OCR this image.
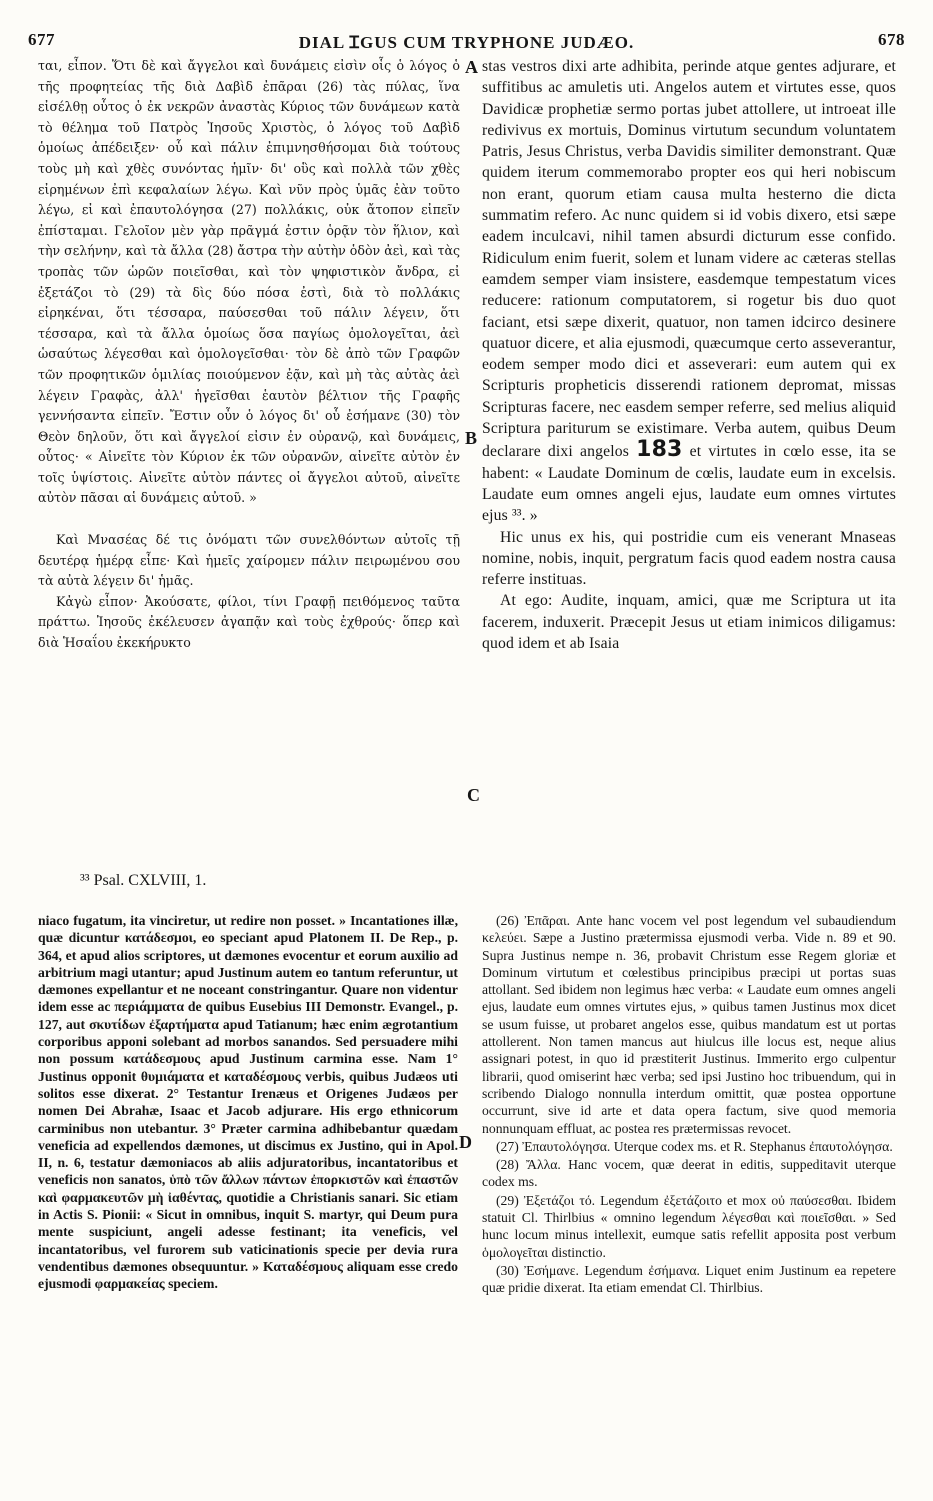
677	DIAL ꞮGUS CUM TRYPHONE JUDÆO.	678

ται, εἶπον. Ὅτι δὲ καὶ ἄγγελοι καὶ δυνάμεις εἰσὶν οἷς ὁ λόγος ὁ τῆς προφητείας τῆς διὰ Δαβὶδ ἐπᾶραι (26) τὰς πύλας, ἵνα εἰσέλθῃ οὗτος ὁ ἐκ νεκρῶν ἀναστὰς Κύριος τῶν δυνάμεων κατὰ τὸ θέλημα τοῦ Πατρὸς Ἰησοῦς Χριστὸς, ὁ λόγος τοῦ Δαβὶδ ὁμοίως ἀπέδειξεν· οὗ καὶ πάλιν ἐπιμνησθήσομαι διὰ τούτους τοὺς μὴ καὶ χθὲς συνόντας ἡμῖν· δι' οὓς καὶ πολλὰ τῶν χθὲς εἰρημένων ἐπὶ κεφαλαίων λέγω. Καὶ νῦν πρὸς ὑμᾶς ἐὰν τοῦτο λέγω, εἰ καὶ ἐπαυτολόγησα (27) πολλάκις, οὐκ ἄτοπον εἰπεῖν ἐπίσταμαι. Γελοῖον μὲν γὰρ πρᾶγμά ἐστιν ὁρᾷν τὸν ἥλιον, καὶ τὴν σελήνην, καὶ τὰ ἄλλα (28) ἄστρα τὴν αὐτὴν ὁδὸν ἀεὶ, καὶ τὰς τροπὰς τῶν ὡρῶν ποιεῖσθαι, καὶ τὸν ψηφιστικὸν ἄνδρα, εἰ ἐξετάζοι τὸ (29) τὰ δὶς δύο πόσα ἐστὶ, διὰ τὸ πολλάκις εἰρηκέναι, ὅτι τέσσαρα, παύσεσθαι τοῦ πάλιν λέγειν, ὅτι τέσσαρα, καὶ τὰ ἄλλα ὁμοίως ὅσα παγίως ὁμολογεῖται, ἀεὶ ὡσαύτως λέγεσθαι καὶ ὁμολογεῖσθαι· τὸν δὲ ἀπὸ τῶν Γραφῶν τῶν προφητικῶν ὁμιλίας ποιούμενον ἐᾷν, καὶ μὴ τὰς αὐτὰς ἀεὶ λέγειν Γραφὰς, ἀλλ' ἡγεῖσθαι ἑαυτὸν βέλτιον τῆς Γραφῆς γεννήσαντα εἰπεῖν. Ἔστιν οὖν ὁ λόγος δι' οὗ ἐσήμανε (30) τὸν Θεὸν δηλοῦν, ὅτι καὶ ἄγγελοί εἰσιν ἐν οὐρανῷ, καὶ δυνάμεις, οὗτος· « Αἰνεῖτε τὸν Κύριον ἐκ τῶν οὐρανῶν, αἰνεῖτε αὐτὸν ἐν τοῖς ὑψίστοις. Αἰνεῖτε αὐτὸν πάντες οἱ ἄγγελοι αὐτοῦ, αἰνεῖτε αὐτὸν πᾶσαι αἱ δυνάμεις αὐτοῦ. »

Καὶ Μνασέας δέ τις ὀνόματι τῶν συνελθόντων αὐτοῖς τῇ δευτέρᾳ ἡμέρᾳ εἶπε· Καὶ ἡμεῖς χαίρομεν πάλιν πειρωμένου σου τὰ αὐτὰ λέγειν δι' ἡμᾶς.

Κἀγὼ εἶπον· Ἀκούσατε, φίλοι, τίνι Γραφῇ πειθόμενος ταῦτα πράττω. Ἰησοῦς ἐκέλευσεν ἀγαπᾷν καὶ τοὺς ἐχθρούς· ὅπερ καὶ διὰ Ἡσαΐου ἐκεκήρυκτο

A
B
C
D

stas vestros dixi arte adhibita, perinde atque gentes adjurare, et suffitibus ac amuletis uti. Angelos autem et virtutes esse, quos Davidicæ prophetiæ sermo portas jubet attollere, ut introeat ille redivivus ex mortuis, Dominus virtutum secundum voluntatem Patris, Jesus Christus, verba Davidis similiter demonstrant. Quæ quidem iterum commemorabo propter eos qui heri nobiscum non erant, quorum etiam causa multa hesterno die dicta summatim refero. Ac nunc quidem si id vobis dixero, etsi sæpe eadem inculcavi, nihil tamen absurdi dicturum esse confido. Ridiculum enim fuerit, solem et lunam videre ac cæteras stellas eamdem semper viam insistere, easdemque tempestatum vices reducere: rationum computatorem, si rogetur bis duo quot faciant, etsi sæpe dixerit, quatuor, non tamen idcirco desinere quatuor dicere, et alia ejusmodi, quæcumque certo asseverantur, eodem semper modo dici et asseverari: eum autem qui ex Scripturis propheticis disserendi rationem depromat, missas Scripturas facere, nec easdem semper referre, sed melius aliquid Scriptura pariturum se existimare. Verba autem, quibus Deum declarare dixi angelos 183 et virtutes in cœlo esse, ita se habent: « Laudate Dominum de cœlis, laudate eum in excelsis. Laudate eum omnes angeli ejus, laudate eum omnes virtutes ejus ³³. »

Hic unus ex his, qui postridie cum eis venerant Mnaseas nomine, nobis, inquit, pergratum facis quod eadem nostra causa referre instituas.

At ego: Audite, inquam, amici, quæ me Scriptura ut ita facerem, induxerit. Præcepit Jesus ut etiam inimicos diligamus: quod idem et ab Isaia

³³ Psal. CXLVIII, 1.

niaco fugatum, ita vinciretur, ut redire non posset. » Incantationes illæ, quæ dicuntur κατάδεσμοι, eo speciant apud Platonem II. De Rep., p. 364, et apud alios scriptores, ut dæmones evocentur et eorum auxilio ad arbitrium magi utantur; apud Justinum autem eo tantum referuntur, ut dæmones expellantur et ne noceant constringantur. Quare non videntur idem esse ac περιάμματα de quibus Eusebius III Demonstr. Evangel., p. 127, aut σκυτίδων ἐξαρτήματα apud Tatianum; hæc enim ægrotantium corporibus apponi solebant ad morbos sanandos. Sed persuadere mihi non possum κατάδεσμους apud Justinum carmina esse. Nam 1° Justinus opponit θυμιάματα et καταδέσμους verbis, quibus Judæos uti solitos esse dixerat. 2° Testantur Irenæus et Origenes Judæos per nomen Dei Abrahæ, Isaac et Jacob adjurare. His ergo ethnicorum carminibus non utebantur. 3° Præter carmina adhibebantur quædam veneficia ad expellendos dæmones, ut discimus ex Justino, qui in Apol. II, n. 6, testatur dæmoniacos ab aliis adjuratoribus, incantatoribus et veneficis non sanatos, ὑπὸ τῶν ἄλλων πάντων ἐπορκιστῶν καὶ ἐπαστῶν καὶ φαρμακευτῶν μὴ ἰαθέντας, quotidie a Christianis sanari. Sic etiam in Actis S. Pionii: « Sicut in omnibus, inquit S. martyr, qui Deum pura mente suspiciunt, angeli adesse festinant; ita veneficis, vel incantatoribus, vel furorem sub vaticinationis specie per devia rura vendentibus dæmones obsequuntur. » Καταδέσμους aliquam esse credo ejusmodi φαρμακείας speciem.

(26) Ἐπᾶραι. Ante hanc vocem vel post legendum vel subaudiendum κελεύει. Sæpe a Justino prætermissa ejusmodi verba. Vide n. 89 et 90. Supra Justinus nempe n. 36, probavit Christum esse Regem gloriæ et Dominum virtutum et cœlestibus principibus præcipi ut portas suas attollant. Sed ibidem non legimus hæc verba: « Laudate eum omnes angeli ejus, laudate eum omnes virtutes ejus, » quibus tamen Justinus mox dicet se usum fuisse, ut probaret angelos esse, quibus mandatum est ut portas attollerent. Non tamen mancus aut hiulcus ille locus est, neque alius assignari potest, in quo id præstiterit Justinus. Immerito ergo culpentur librarii, quod omiserint hæc verba; sed ipsi Justino hoc tribuendum, qui in scribendo Dialogo nonnulla interdum omittit, quæ postea opportune occurrunt, sive id arte et data opera factum, sive quod memoria nonnunquam effluat, ac postea res prætermissas revocet.

(27) Ἐπαυτολόγησα. Uterque codex ms. et R. Stephanus ἐπαυτολόγησα.

(28) Ἄλλα. Hanc vocem, quæ deerat in editis, suppeditavit uterque codex ms.

(29) Ἐξετάζοι τό. Legendum ἐξετάζοιτο et mox οὐ παύσεσθαι. Ibidem statuit Cl. Thirlbius « omnino legendum λέγεσθαι καὶ ποιεῖσθαι. » Sed hunc locum minus intellexit, eumque satis refellit apposita post verbum ὁμολογεῖται distinctio.

(30) Ἐσήμανε. Legendum ἐσήμανα. Liquet enim Justinum ea repetere quæ pridie dixerat. Ita etiam emendat Cl. Thirlbius.
